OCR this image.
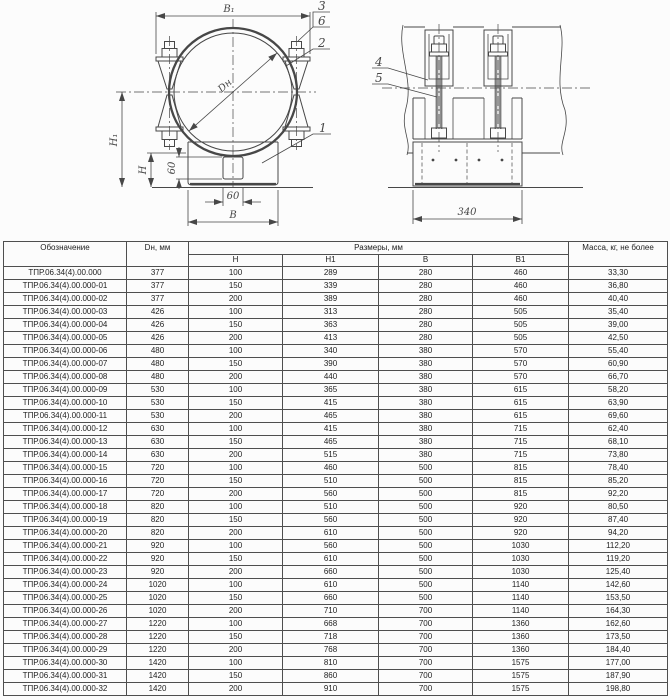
B₁
Dн
H₁
H 60
60
B
3
6
2
1
340
4
5
Обозначение	Dн, мм	Размеры, мм				Масса, кг, не более
		H	H1	B	B1	
ТПР.06.34(4).00.000	377	100	289	280	460	33,30
ТПР.06.34(4).00.000-01	377	150	339	280	460	36,80
ТПР.06.34(4).00.000-02	377	200	389	280	460	40,40
ТПР.06.34(4).00.000-03	426	100	313	280	505	35,40
ТПР.06.34(4).00.000-04	426	150	363	280	505	39,00
ТПР.06.34(4).00.000-05	426	200	413	280	505	42,50
ТПР.06.34(4).00.000-06	480	100	340	380	570	55,40
ТПР.06.34(4).00.000-07	480	150	390	380	570	60,90
ТПР.06.34(4).00.000-08	480	200	440	380	570	66,70
ТПР.06.34(4).00.000-09	530	100	365	380	615	58,20
ТПР.06.34(4).00.000-10	530	150	415	380	615	63,90
ТПР.06.34(4).00.000-11	530	200	465	380	615	69,60
ТПР.06.34(4).00.000-12	630	100	415	380	715	62,40
ТПР.06.34(4).00.000-13	630	150	465	380	715	68,10
ТПР.06.34(4).00.000-14	630	200	515	380	715	73,80
ТПР.06.34(4).00.000-15	720	100	460	500	815	78,40
ТПР.06.34(4).00.000-16	720	150	510	500	815	85,20
ТПР.06.34(4).00.000-17	720	200	560	500	815	92,20
ТПР.06.34(4).00.000-18	820	100	510	500	920	80,50
ТПР.06.34(4).00.000-19	820	150	560	500	920	87,40
ТПР.06.34(4).00.000-20	820	200	610	500	920	94,20
ТПР.06.34(4).00.000-21	920	100	560	500	1030	112,20
ТПР.06.34(4).00.000-22	920	150	610	500	1030	119,20
ТПР.06.34(4).00.000-23	920	200	660	500	1030	125,40
ТПР.06.34(4).00.000-24	1020	100	610	500	1140	142,60
ТПР.06.34(4).00.000-25	1020	150	660	500	1140	153,50
ТПР.06.34(4).00.000-26	1020	200	710	700	1140	164,30
ТПР.06.34(4).00.000-27	1220	100	668	700	1360	162,60
ТПР.06.34(4).00.000-28	1220	150	718	700	1360	173,50
ТПР.06.34(4).00.000-29	1220	200	768	700	1360	184,40
ТПР.06.34(4).00.000-30	1420	100	810	700	1575	177,00
ТПР.06.34(4).00.000-31	1420	150	860	700	1575	187,90
ТПР.06.34(4).00.000-32	1420	200	910	700	1575	198,80
